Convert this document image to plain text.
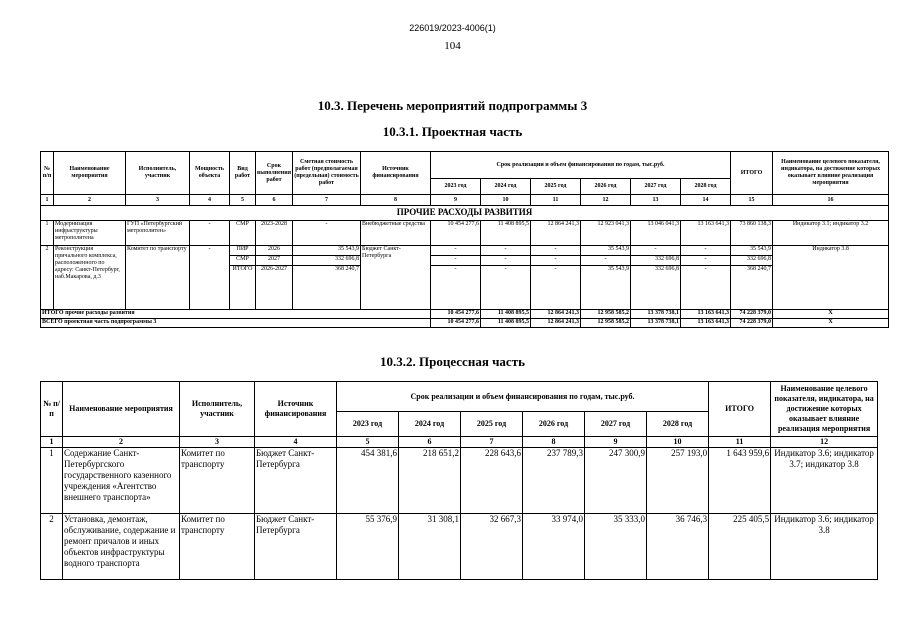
226019/2023-4006(1)
104
10.3. Перечень мероприятий подпрограммы 3
10.3.1. Проектная часть
№ п/п	Наименование мероприятия	Исполнитель, участник	Мощность объекта	Вид работ	Срок выполнения работ	Сметная стоимость работ (предполагаемая (предельная) стоимость работ	Источник финансирования	Срок реализации и объем финансирования по годам, тыс.руб.						ИТОГО	Наименование целевого показателя, индикатора, на достижение которых оказывает влияние реализация мероприятия
								2023 год	2024 год	2025 год	2026 год	2027 год	2028 год		
1	2	3	4	5	6	7	8	9	10	11	12	13	14	15	16
ПРОЧИЕ РАСХОДЫ РАЗВИТИЯ															
1	Модернизация инфраструктуры метрополитена	ГУП «Петербургский метрополитен»	-	СМР	2023-2028	-	Внебюджетные средства	10 454 277,6	11 408 895,5	12 864 241,3	12 923 041,3	13 046 041,3	13 163 641,3	73 860 138,3	Индикатор 3.1; индикатор 3.2
2	Реконструкция причального комплекса, расположенного по адресу: Санкт-Петербург, наб.Макарова, д.3	Комитет по транспорту	-	ПИР	2026	35 543,9	Бюджет Санкт-Петербурга	-	-	-	35 543,9	-	-	35 543,9	Индикатор 3.8
				СМР	2027	332 696,8		-	-	-	-	332 696,8	-	332 696,8	
				ИТОГО	2026-2027	368 240,7		-	-	-	35 543,9	332 696,8	-	368 240,7	
ИТОГО прочие расходы развития								10 454 277,6	11 408 895,5	12 864 241,3	12 958 585,2	13 378 738,1	13 163 641,3	74 228 379,0	Х
ВСЕГО проектная часть подпрограммы 3								10 454 277,6	11 408 895,5	12 864 241,3	12 958 585,2	13 378 738,1	13 163 641,3	74 228 379,0	Х
10.3.2. Процессная часть
№ п/п	Наименование мероприятия	Исполнитель, участник	Источник финансирования	Срок реализации и объем финансирования по годам, тыс.руб.						ИТОГО	Наименование целевого показателя, индикатора, на достижение которых оказывает влияние реализация мероприятия
				2023 год	2024 год	2025 год	2026 год	2027 год	2028 год		
1	2	3	4	5	6	7	8	9	10	11	12
1	Содержание Санкт-Петербургского государственного казенного учреждения «Агентство внешнего транспорта»	Комитет по транспорту	Бюджет Санкт-Петербурга	454 381,6	218 651,2	228 643,6	237 789,3	247 300,9	257 193,0	1 643 959,6	Индикатор 3.6; индикатор 3.7; индикатор 3.8
2	Установка, демонтаж, обслуживание, содержание и ремонт причалов и иных объектов инфраструктуры водного транспорта	Комитет по транспорту	Бюджет Санкт-Петербурга	55 376,9	31 308,1	32 667,3	33 974,0	35 333,0	36 746,3	225 405,5	Индикатор 3.6; индикатор 3.8
